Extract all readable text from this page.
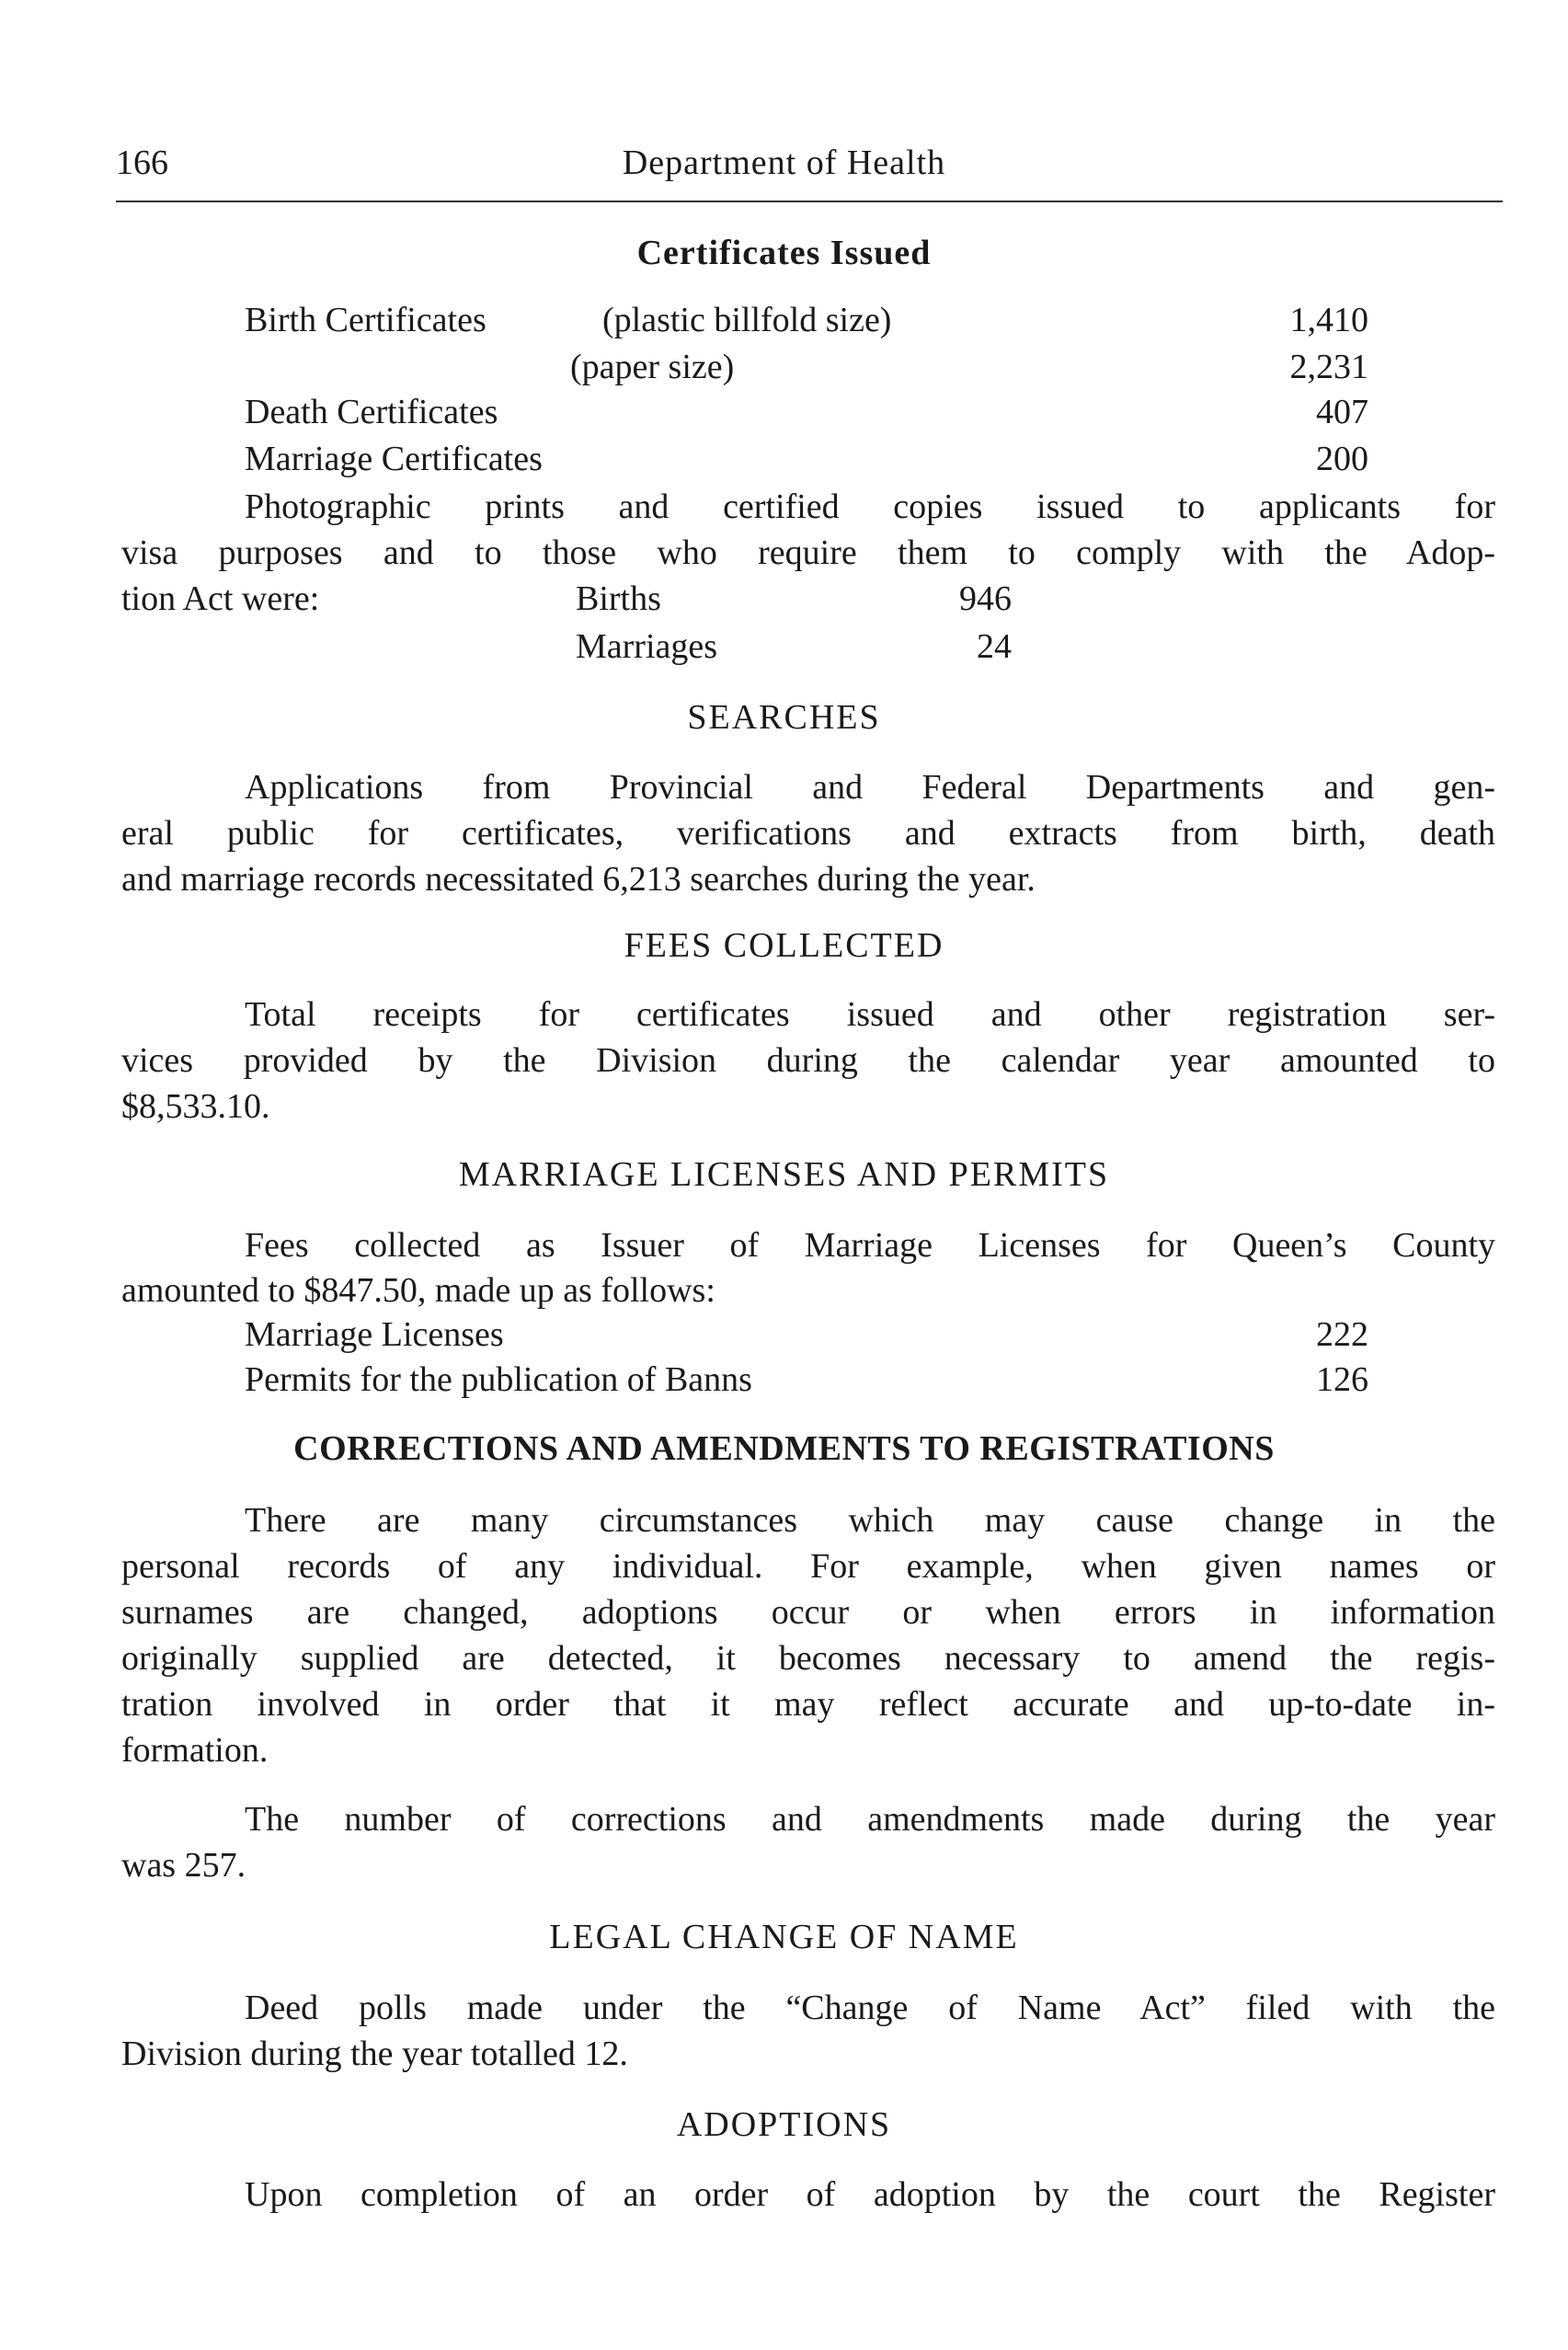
166	Department of Health
Certificates Issued
Birth Certificates	(plastic billfold size)	1,410
(paper size)	2,231
Death Certificates	407
Marriage Certificates	200
Photographic prints and certified copies issued to applicants for
visa purposes and to those who require them to comply with the Adop-
tion Act were:	Births	946
Marriages	24
SEARCHES
Applications from Provincial and Federal Departments and gen-
eral public for certificates, verifications and extracts from birth, death
and marriage records necessitated 6,213 searches during the year.
FEES COLLECTED
Total receipts for certificates issued and other registration ser-
vices provided by the Division during the calendar year amounted to
$8,533.10.
MARRIAGE LICENSES AND PERMITS
Fees collected as Issuer of Marriage Licenses for Queen’s County
amounted to $847.50, made up as follows:
Marriage Licenses	222
Permits for the publication of Banns	126
CORRECTIONS AND AMENDMENTS TO REGISTRATIONS
There are many circumstances which may cause change in the
personal records of any individual. For example, when given names or
surnames are changed, adoptions occur or when errors in information
originally supplied are detected, it becomes necessary to amend the regis-
tration involved in order that it may reflect accurate and up-to-date in-
formation.
The number of corrections and amendments made during the year
was 257.
LEGAL CHANGE OF NAME
Deed polls made under the “Change of Name Act” filed with the
Division during the year totalled 12.
ADOPTIONS
Upon completion of an order of adoption by the court the Register
